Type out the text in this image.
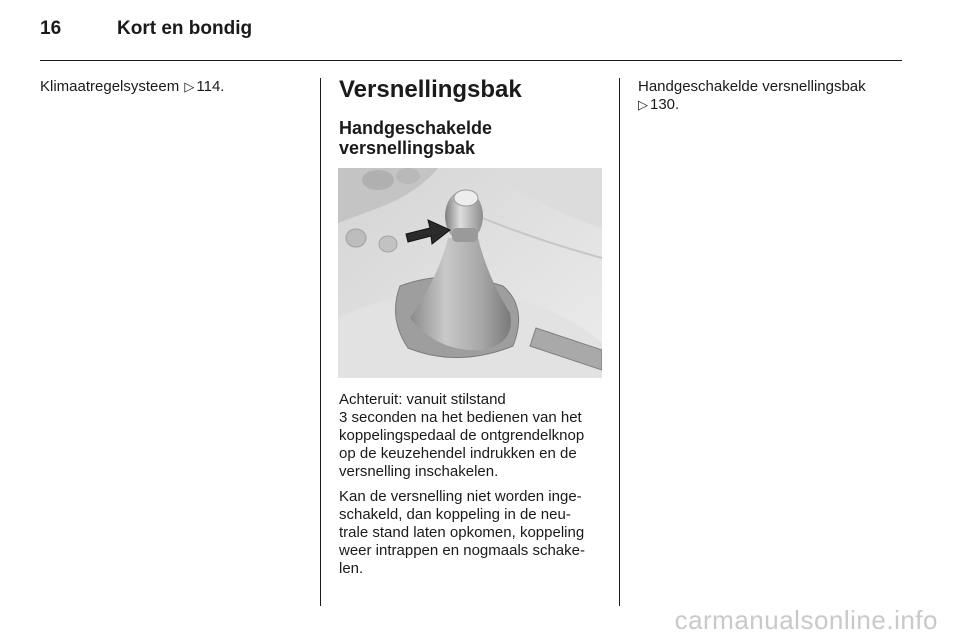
16	Kort en bondig

Klimaatregelsysteem ▷ 114.	Versnellingsbak

Handgeschakelde

versnellingsbak

Achteruit: vanuit stilstand
3 seconden na het bedienen van het
koppelingspedaal de ontgrendelknop
op de keuzehendel indrukken en de
versnelling inschakelen.

Kan de versnelling niet worden inge-
schakeld, dan koppeling in de neu-
trale stand laten opkomen, koppeling
weer intrappen en nogmaals schake-
len.

Handgeschakelde versnellingsbak
▷ 130.

carmanualsonline.info
